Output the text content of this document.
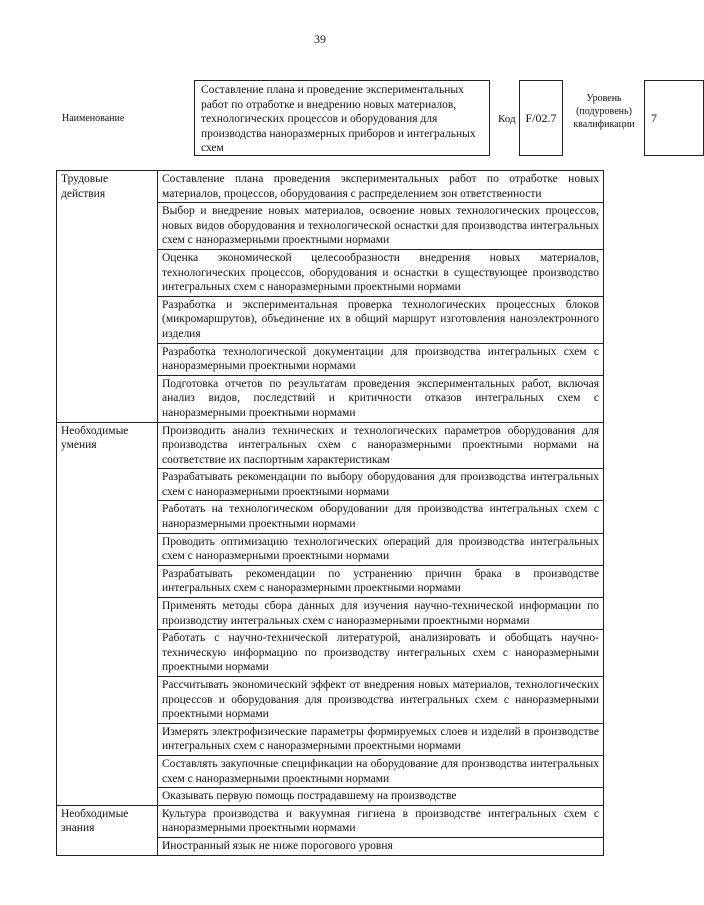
39
Наименование
Составление плана и проведение экспериментальных работ по отработке и внедрению новых материалов, технологических процессов и оборудования для производства наноразмерных приборов и интегральных схем
Код F/02.7
Уровень (подуровень) квалификации	7
Трудовые действия	Составление плана проведения экспериментальных работ по отработке новых материалов, процессов, оборудования с распределением зон ответственности
	Выбор и внедрение новых материалов, освоение новых технологических процессов, новых видов оборудования и технологической оснастки для производства интегральных схем с наноразмерными проектными нормами
	Оценка экономической целесообразности внедрения новых материалов, технологических процессов, оборудования и оснастки в существующее производство интегральных схем с наноразмерными проектными нормами
	Разработка и экспериментальная проверка технологических процессных блоков (микромаршрутов), объединение их в общий маршрут изготовления наноэлектронного изделия
	Разработка технологической документации для производства интегральных схем с наноразмерными проектными нормами
	Подготовка отчетов по результатам проведения экспериментальных работ, включая анализ видов, последствий и критичности отказов интегральных схем с наноразмерными проектными нормами
Необходимые умения	Производить анализ технических и технологических параметров оборудования для производства интегральных схем с наноразмерными проектными нормами на соответствие их паспортным характеристикам
	Разрабатывать рекомендации по выбору оборудования для производства интегральных схем с наноразмерными проектными нормами
	Работать на технологическом оборудовании для производства интегральных схем с наноразмерными проектными нормами
	Проводить оптимизацию технологических операций для производства интегральных схем с наноразмерными проектными нормами
	Разрабатывать рекомендации по устранению причин брака в производстве интегральных схем с наноразмерными проектными нормами
	Применять методы сбора данных для изучения научно-технической информации по производству интегральных схем с наноразмерными проектными нормами
	Работать с научно-технической литературой, анализировать и обобщать научно-техническую информацию по производству интегральных схем с наноразмерными проектными нормами
	Рассчитывать экономический эффект от внедрения новых материалов, технологических процессов и оборудования для производства интегральных схем с наноразмерными проектными нормами
	Измерять электрофизические параметры формируемых слоев и изделий в производстве интегральных схем с наноразмерными проектными нормами
	Составлять закупочные спецификации на оборудование для производства интегральных схем с наноразмерными проектными нормами
	Оказывать первую помощь пострадавшему на производстве
Необходимые знания	Культура производства и вакуумная гигиена в производстве интегральных схем с наноразмерными проектными нормами
	Иностранный язык не ниже порогового уровня
